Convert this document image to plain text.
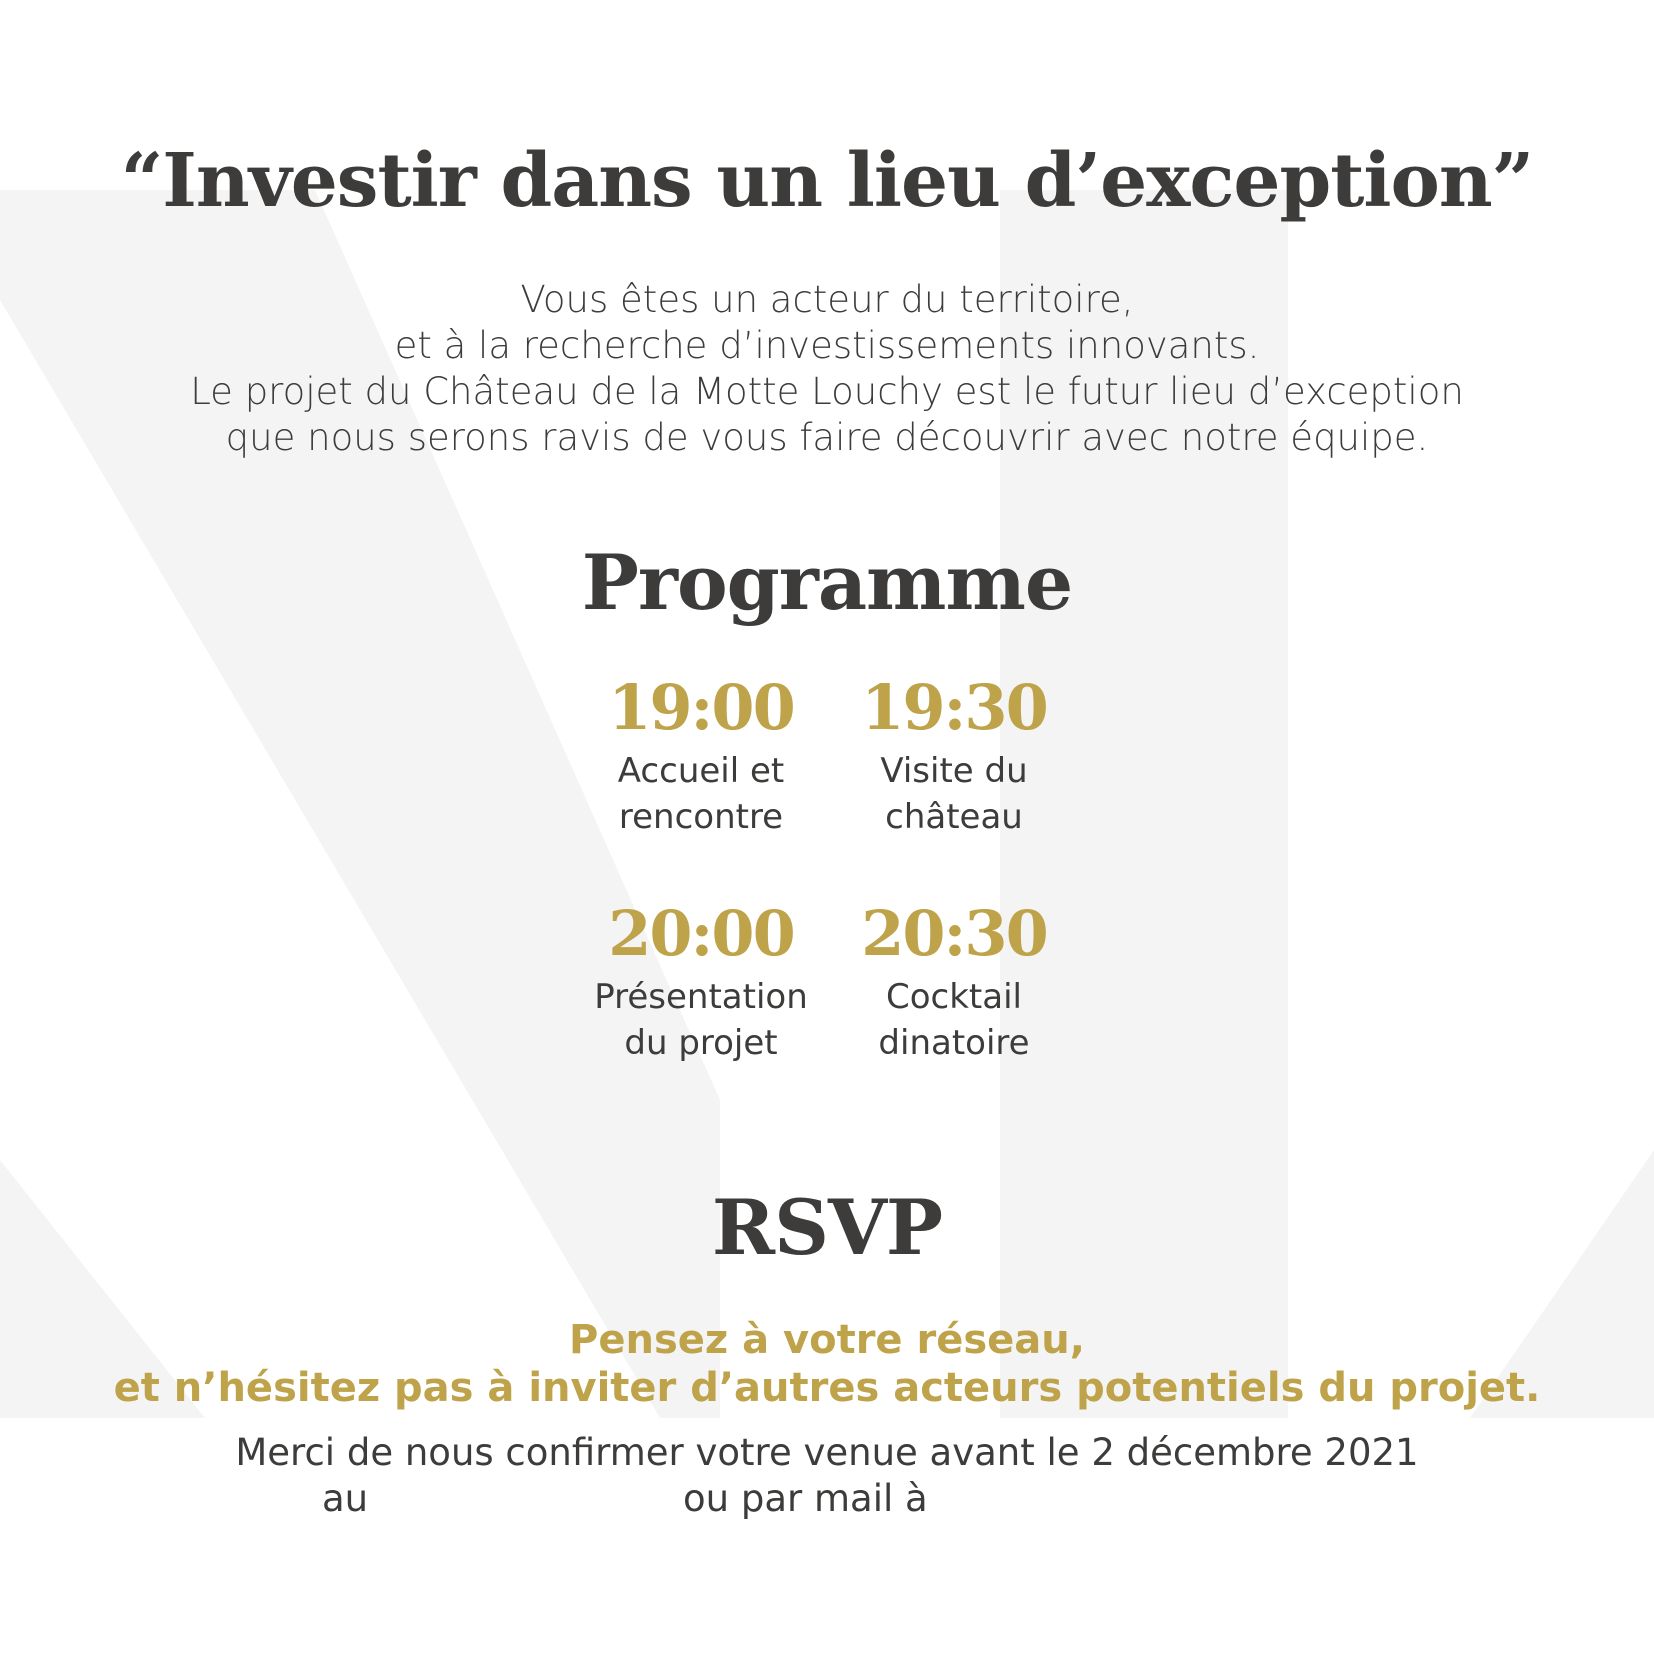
“Investir dans un lieu d’exception”
Vous êtes un acteur du territoire,
et à la recherche d’investissements innovants.
Le projet du Château de la Motte Louchy est le futur lieu d’exception
que nous serons ravis de vous faire découvrir avec notre équipe.
Programme
19:00
Accueil et
rencontre
19:30
Visite du
château
20:00
Présentation
du projet
20:30
Cocktail
dinatoire
RSVP
Pensez à votre réseau,
et n’hésitez pas à inviter d’autres acteurs potentiels du projet.
Merci de nous confirmer votre venue avant le 2 décembre 2021
au	ou par mail à
